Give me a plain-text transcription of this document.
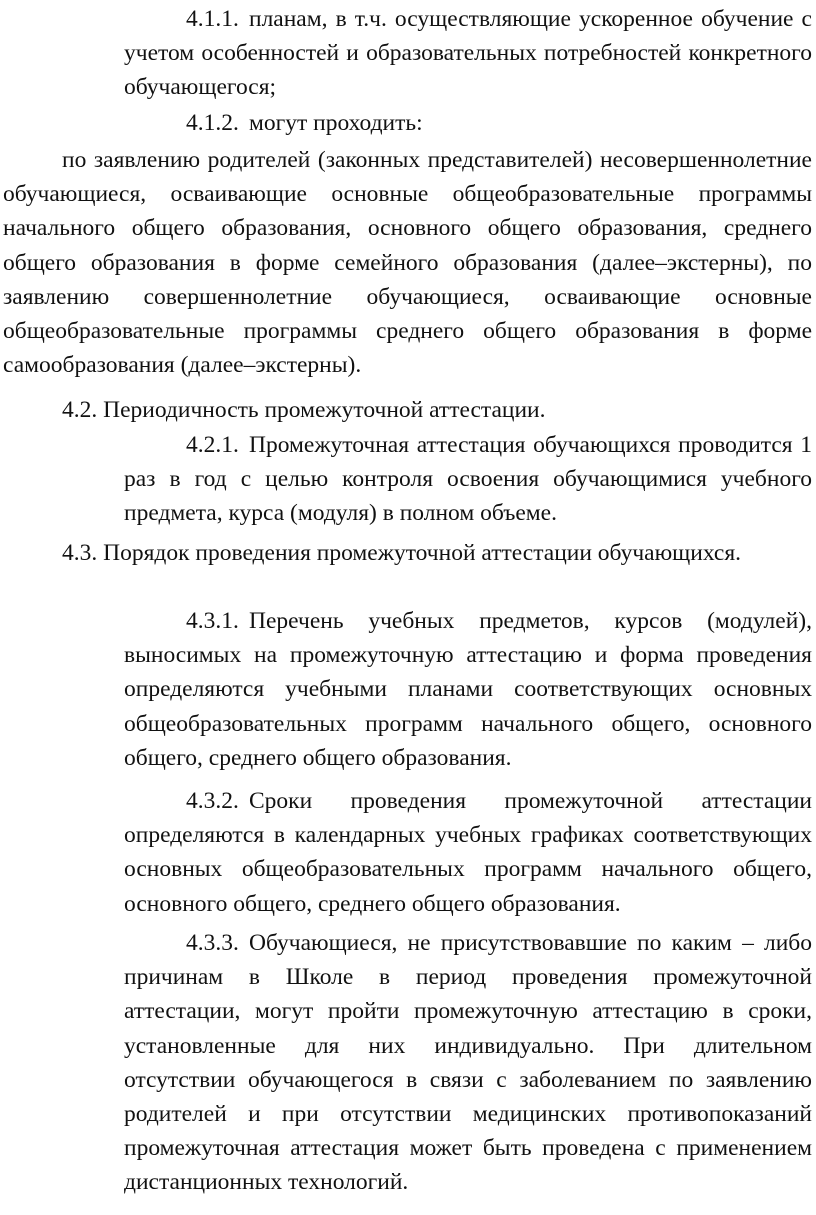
4.1.1. планам, в т.ч. осуществляющие ускоренное обучение с учетом особенностей и образовательных потребностей конкретного обучающегося;

4.1.2. могут проходить:

по заявлению родителей (законных представителей) несовершеннолетние обучающиеся, осваивающие основные общеобразовательные программы начального общего образования, основного общего образования, среднего общего образования в форме семейного образования (далее–экстерны), по заявлению совершеннолетние обучающиеся, осваивающие основные общеобразовательные программы среднего общего образования в форме самообразования (далее–экстерны).

4.2. Периодичность промежуточной аттестации.

4.2.1. Промежуточная аттестация обучающихся проводится 1 раз в год с целью контроля освоения обучающимися учебного предмета, курса (модуля) в полном объеме.

4.3. Порядок проведения промежуточной аттестации обучающихся.

4.3.1. Перечень учебных предметов, курсов (модулей), выносимых на промежуточную аттестацию и форма проведения определяются учебными планами соответствующих основных общеобразовательных программ начального общего, основного общего, среднего общего образования.

4.3.2. Сроки проведения промежуточной аттестации определяются в календарных учебных графиках соответствующих основных общеобразовательных программ начального общего, основного общего, среднего общего образования.

4.3.3. Обучающиеся, не присутствовавшие по каким – либо причинам в Школе в период проведения промежуточной аттестации, могут пройти промежуточную аттестацию в сроки, установленные для них индивидуально. При длительном отсутствии обучающегося в связи с заболеванием по заявлению родителей и при отсутствии медицинских противопоказаний промежуточная аттестация может быть проведена с применением дистанционных технологий.
